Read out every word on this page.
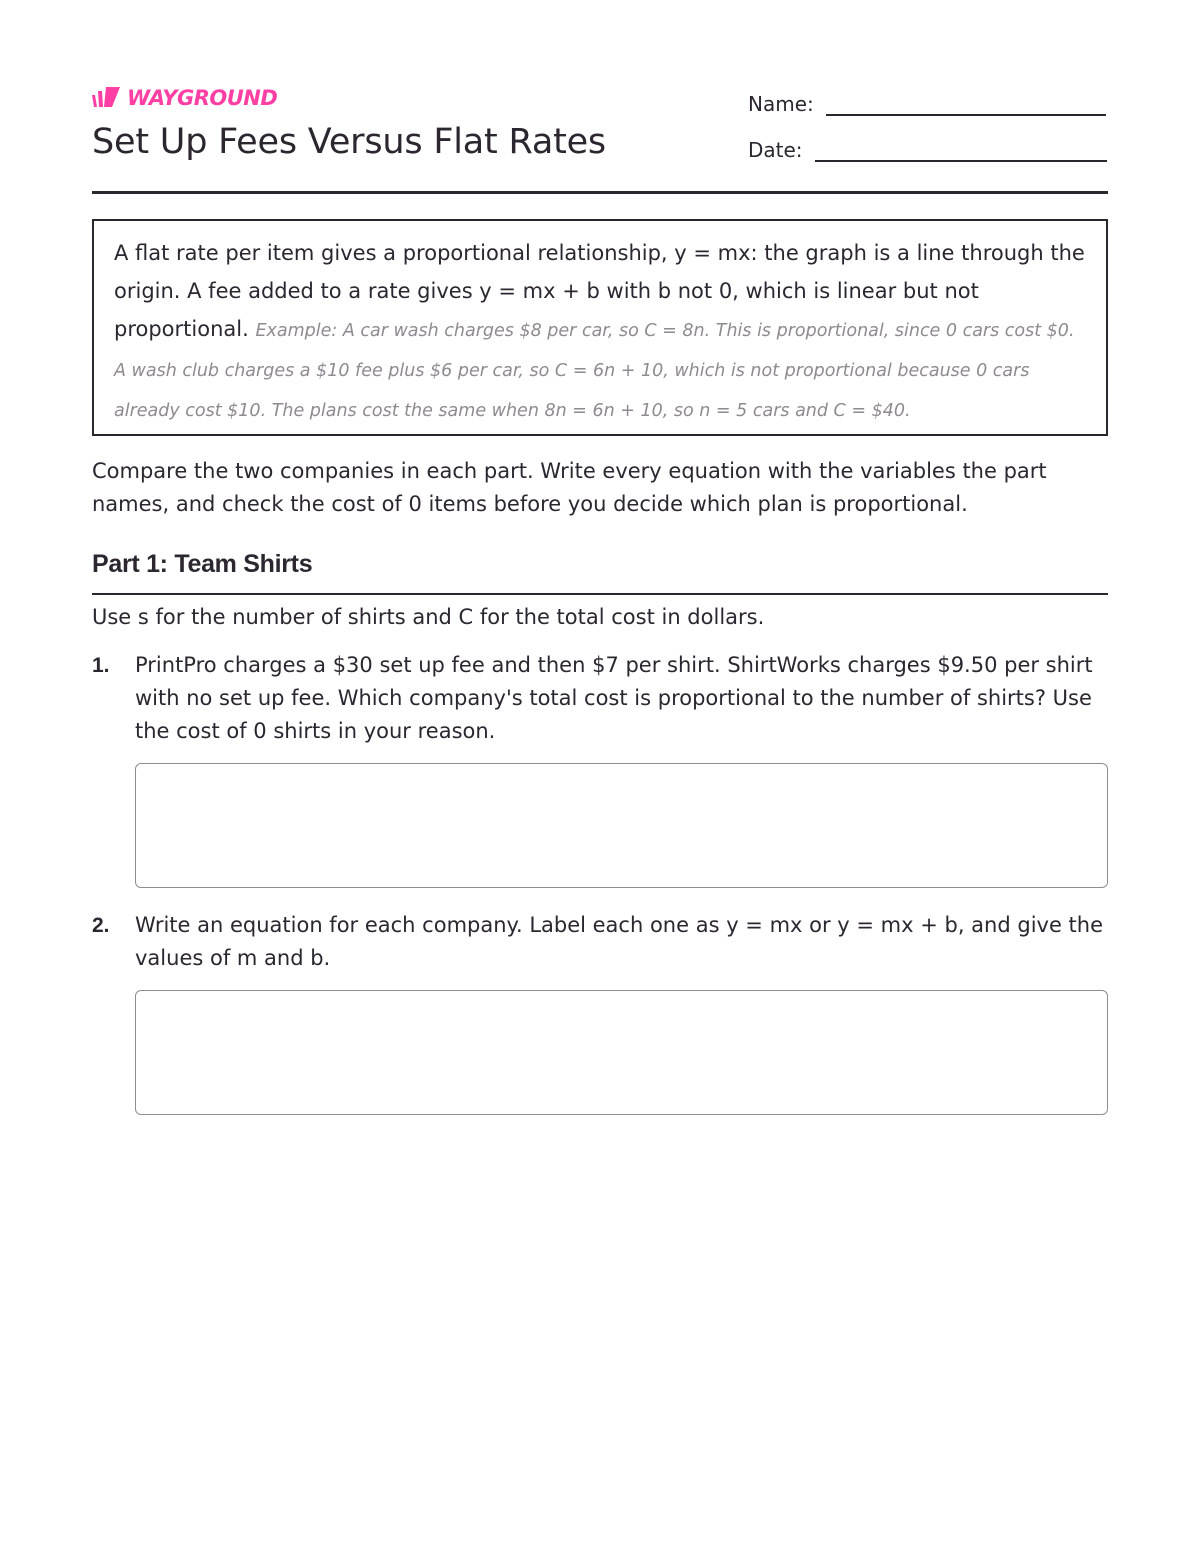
WAYGROUND
Set Up Fees Versus Flat Rates
Name:
Date:

A flat rate per item gives a proportional relationship, y = mx: the graph is a line through the origin. A fee added to a rate gives y = mx + b with b not 0, which is linear but not proportional. Example: A car wash charges $8 per car, so C = 8n. This is proportional, since 0 cars cost $0. A wash club charges a $10 fee plus $6 per car, so C = 6n + 10, which is not proportional because 0 cars already cost $10. The plans cost the same when 8n = 6n + 10, so n = 5 cars and C = $40.

Compare the two companies in each part. Write every equation with the variables the part names, and check the cost of 0 items before you decide which plan is proportional.

Part 1: Team Shirts

Use s for the number of shirts and C for the total cost in dollars.

1. PrintPro charges a $30 set up fee and then $7 per shirt. ShirtWorks charges $9.50 per shirt with no set up fee. Which company's total cost is proportional to the number of shirts? Use the cost of 0 shirts in your reason.

2. Write an equation for each company. Label each one as y = mx or y = mx + b, and give the values of m and b.
